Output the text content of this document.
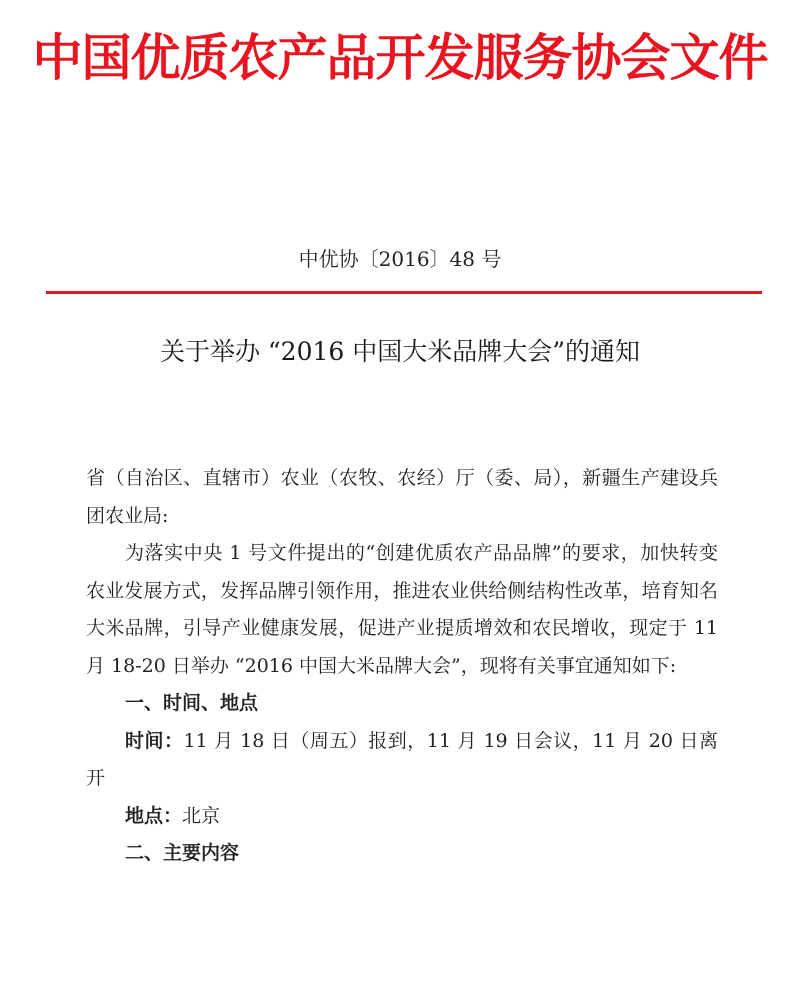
中国优质农产品开发服务协会文件
中优协〔2016〕48 号
关于举办 “2016 中国大米品牌大会”的通知

省（自治区、直辖市）农业（农牧、农经）厅（委、局），新疆生产建设兵团农业局:

为落实中央 1 号文件提出的“创建优质农产品品牌”的要求，加快转变农业发展方式，发挥品牌引领作用，推进农业供给侧结构性改革，培育知名大米品牌，引导产业健康发展，促进产业提质增效和农民增收，现定于 11 月 18-20 日举办 “2016 中国大米品牌大会”，现将有关事宜通知如下:

一、时间、地点

时间：11 月 18 日（周五）报到，11 月 19 日会议，11 月 20 日离开

地点：北京

二、主要内容
